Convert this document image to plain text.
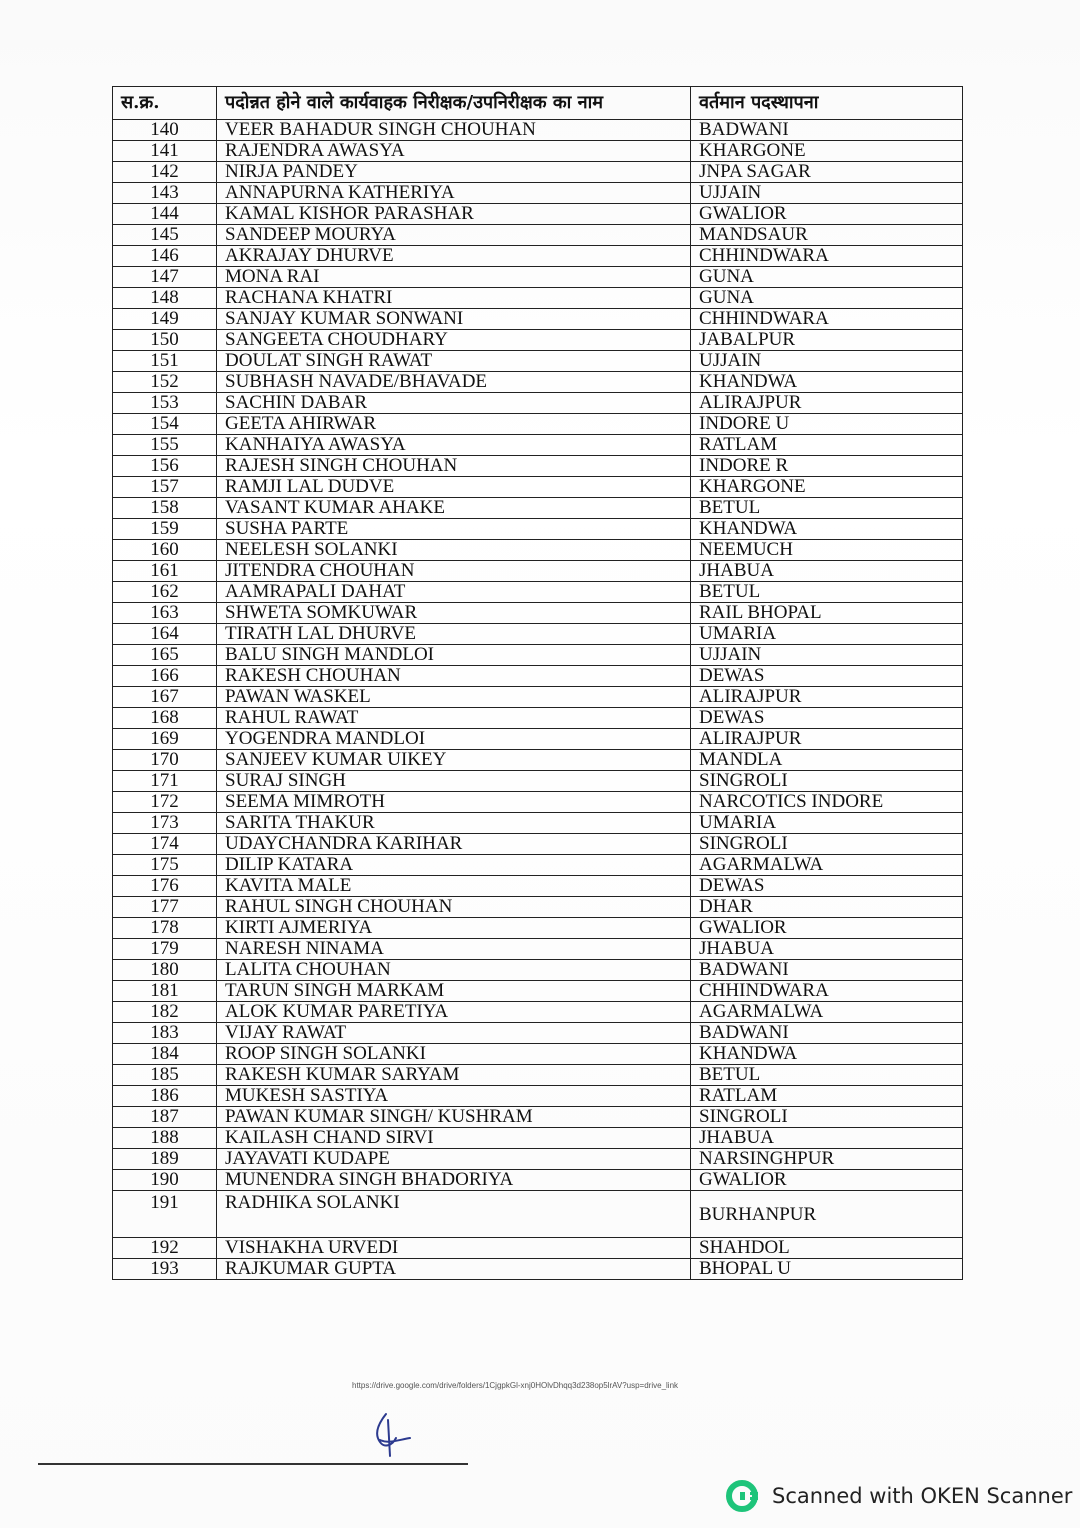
स.क्र.	पदोन्नत होने वाले कार्यवाहक निरीक्षक/उपनिरीक्षक का नाम	वर्तमान पदस्थापना
140	VEER BAHADUR SINGH CHOUHAN	BADWANI
141	RAJENDRA AWASYA	KHARGONE
142	NIRJA PANDEY	JNPA SAGAR
143	ANNAPURNA KATHERIYA	UJJAIN
144	KAMAL KISHOR PARASHAR	GWALIOR
145	SANDEEP MOURYA	MANDSAUR
146	AKRAJAY DHURVE	CHHINDWARA
147	MONA RAI	GUNA
148	RACHANA KHATRI	GUNA
149	SANJAY KUMAR SONWANI	CHHINDWARA
150	SANGEETA CHOUDHARY	JABALPUR
151	DOULAT SINGH RAWAT	UJJAIN
152	SUBHASH NAVADE/BHAVADE	KHANDWA
153	SACHIN DABAR	ALIRAJPUR
154	GEETA AHIRWAR	INDORE U
155	KANHAIYA AWASYA	RATLAM
156	RAJESH SINGH CHOUHAN	INDORE R
157	RAMJI LAL DUDVE	KHARGONE
158	VASANT KUMAR AHAKE	BETUL
159	SUSHA PARTE	KHANDWA
160	NEELESH SOLANKI	NEEMUCH
161	JITENDRA CHOUHAN	JHABUA
162	AAMRAPALI DAHAT	BETUL
163	SHWETA SOMKUWAR	RAIL BHOPAL
164	TIRATH LAL DHURVE	UMARIA
165	BALU SINGH MANDLOI	UJJAIN
166	RAKESH CHOUHAN	DEWAS
167	PAWAN WASKEL	ALIRAJPUR
168	RAHUL RAWAT	DEWAS
169	YOGENDRA MANDLOI	ALIRAJPUR
170	SANJEEV KUMAR UIKEY	MANDLA
171	SURAJ SINGH	SINGROLI
172	SEEMA MIMROTH	NARCOTICS INDORE
173	SARITA THAKUR	UMARIA
174	UDAYCHANDRA KARIHAR	SINGROLI
175	DILIP KATARA	AGARMALWA
176	KAVITA MALE	DEWAS
177	RAHUL SINGH CHOUHAN	DHAR
178	KIRTI AJMERIYA	GWALIOR
179	NARESH NINAMA	JHABUA
180	LALITA CHOUHAN	BADWANI
181	TARUN SINGH MARKAM	CHHINDWARA
182	ALOK KUMAR PARETIYA	AGARMALWA
183	VIJAY RAWAT	BADWANI
184	ROOP SINGH SOLANKI	KHANDWA
185	RAKESH KUMAR SARYAM	BETUL
186	MUKESH SASTIYA	RATLAM
187	PAWAN KUMAR SINGH/ KUSHRAM	SINGROLI
188	KAILASH CHAND SIRVI	JHABUA
189	JAYAVATI KUDAPE	NARSINGHPUR
190	MUNENDRA SINGH BHADORIYA	GWALIOR
191	RADHIKA SOLANKI	BURHANPUR
192	VISHAKHA URVEDI	SHAHDOL
193	RAJKUMAR GUPTA	BHOPAL U
https://drive.google.com/drive/folders/1CjgpkGl-xnj0HOlvDhqq3d238op5lrAV?usp=drive_link
Scanned with OKEN Scanner
